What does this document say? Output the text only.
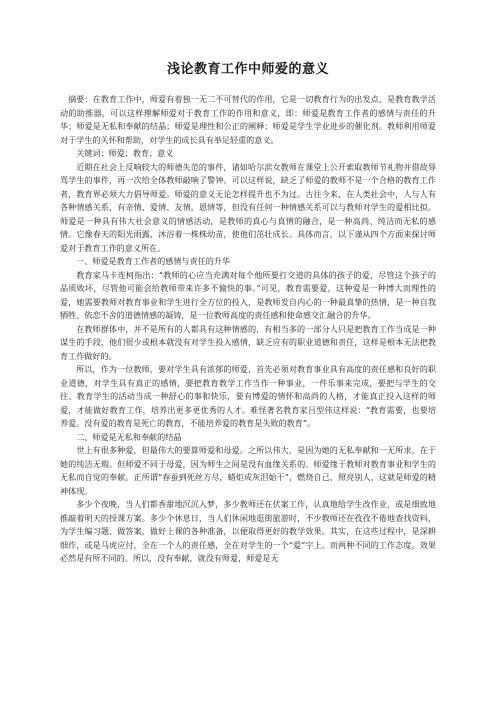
浅论教育工作中师爱的意义

摘要：在教育工作中，师爱有着独一无二不可替代的作用，它是一切教育行为的出发点，是教育教学活动的助推器，可以这样理解师爱对于教育工作的作用和意义，即：师爱是教育工作者的感情与责任的升华；师爱是无私和奉献的结晶；师爱是理性和公正的阐释；师爱是学生学业进步的催化剂。教师利用师爱对于学生的关怀和帮助，对学生的成长具有举足轻重的意义。

关键词：师爱；教育；意义

近期在社会上反响较大的师德失范的事件，诸如哈尔滨女教师在课堂上公开索取教师节礼物并借故辱骂学生的事件，再一次给全体教师敲响了警钟。可以这样说，缺乏了师爱的教师不是一个合格的教育工作者，教育界必须大力倡导师爱。师爱的意义无论怎样提升也不为过。古往今来，在人类社会中，人与人有各种情感关系，有亲情、爱情、友情，恩情等，但没有任何一种情感关系可以与教师对学生的爱相比拟。师爱是一种具有伟大社会意义的情感活动，是教师的真心与真情的融合，是一种高尚、纯洁而无私的感情。它像春天的阳光雨露，沐浴着一株株幼苗，使他们茁壮成长。具体而言，以下谨从四个方面来探讨师爱对于教育工作的意义所在。

一、师爱是教育工作者的感情与责任的升华

教育家马卡连柯指出：“教师的心应当充满对每个他所要打交道的具体的孩子的爱，尽管这个孩子的品质败坏，尽管他可能会给教师带来许多不愉快的事。”可见，教育需要爱，这种爱是一种博大而理性的爱，她需要教师对教育事业和学生进行全方位的投入，是教师发自内心的一种最真挚的热情，是一种自我牺牲、依恋不舍的道德情感的凝铸，是一位教师高度的责任感和使命感交汇融合的升华。

在教师群体中，并不是所有的人都具有这种情感的，有相当多的一部分人只是把教育工作当成是一种谋生的手段，他们很少或根本就没有对学生投入感情，缺乏应有的职业道德和责任，这样是根本无法把教育工作做好的。

所以，作为一位教师，要对学生具有浓郁的师爱，首先必须对教育事业具有高度的责任感和良好的职业道德，对学生具有真正的感情，要把教育教学工作当作一种事业，一件乐事来完成，要把与学生的交往、教育学生的活动当成一种舒心的事和快乐，要有博爱的情怀和高尚的人格，才能真正投入这样的师爱，才能做好教育工作，培养出更多更优秀的人才。难怪著名教育家吕型伟这样说：“教育需要，也要培养爱。没有爱的教育是死亡的教育，不能培养爱的教育是失败的教育”。

二、师爱是无私和奉献的结晶

世上有很多种爱，但最伟大的要算师爱和母爱。之所以伟大，是因为她的无私奉献和一无所求，在于她的纯洁无瑕。但师爱不同于母爱，因为师生之间是没有血缘关系的。师爱缘于教师对教育事业和学生的无私而自觉的奉献。正所谓“春蚕到死丝方尽，蜡炬成灰泪始干”，燃烧自己，照亮别人，这就是师爱的精神体现。

多少个夜晚，当人们都香甜地沉沉入梦，多少教师还在伏案工作，认真地给学生改作业，或是细致地推敲着明天的授课方案。多少个休息日，当人们休闲地逛街旅游时，不少教师还在孜孜不倦地查找资料，为学生编习题、做答案，做好上课的各种准备，以便取得更好的教学效果。其实，在这些过程中，是深耕细作，或是马虎应付，全在一个人的责任感，全在对学生的一个“爱”字上。而两种不同的工作态度，效果必然是有所不同的。所以，没有奉献，就没有师爱，师爱是无
